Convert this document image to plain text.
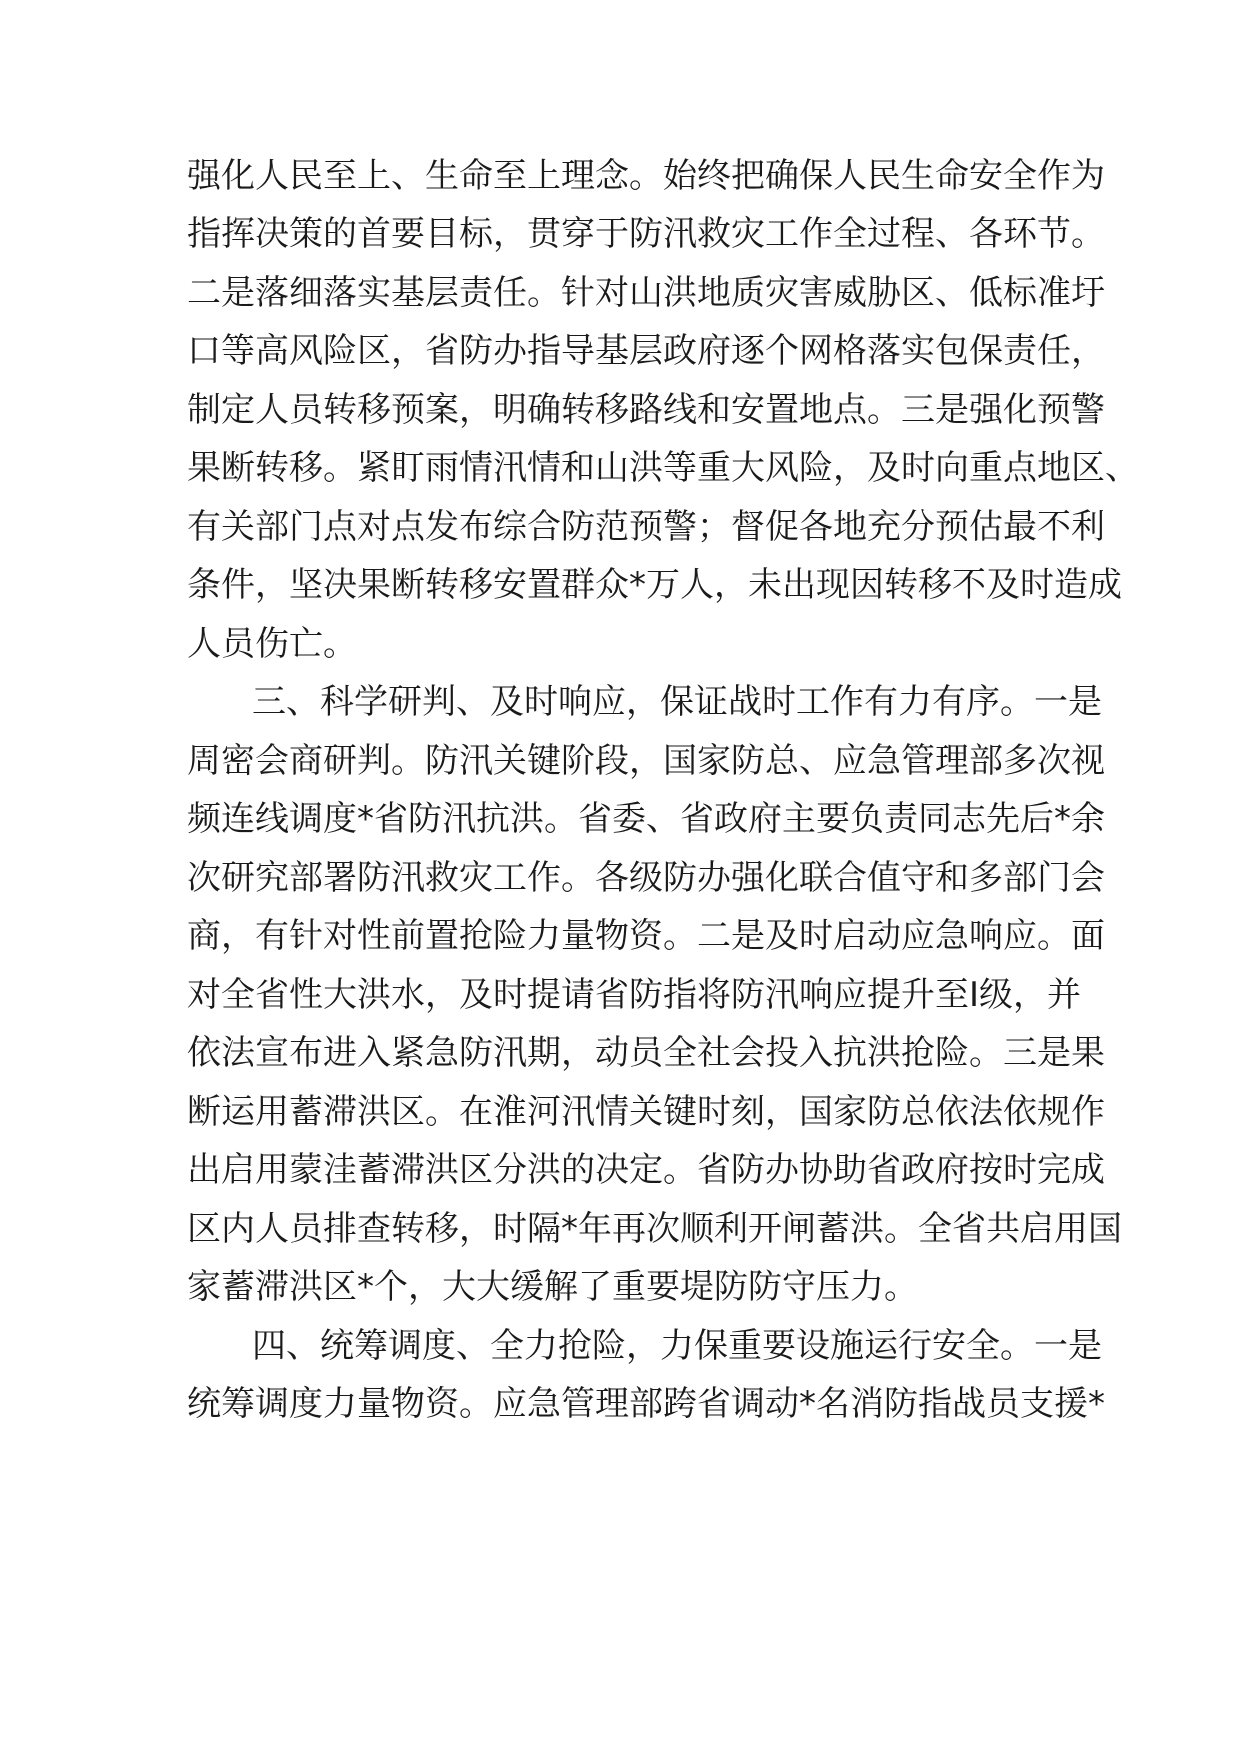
强化人民至上、生命至上理念。始终把确保人民生命安全作为

指挥决策的首要目标，贯穿于防汛救灾工作全过程、各环节。

二是落细落实基层责任。针对山洪地质灾害威胁区、低标准圩

口等高风险区，省防办指导基层政府逐个网格落实包保责任，

制定人员转移预案，明确转移路线和安置地点。三是强化预警

果断转移。紧盯雨情汛情和山洪等重大风险，及时向重点地区、

有关部门点对点发布综合防范预警；督促各地充分预估最不利

条件，坚决果断转移安置群众*万人，未出现因转移不及时造成

人员伤亡。

三、科学研判、及时响应，保证战时工作有力有序。一是

周密会商研判。防汛关键阶段，国家防总、应急管理部多次视

频连线调度*省防汛抗洪。省委、省政府主要负责同志先后*余

次研究部署防汛救灾工作。各级防办强化联合值守和多部门会

商，有针对性前置抢险力量物资。二是及时启动应急响应。面

对全省性大洪水，及时提请省防指将防汛响应提升至Ⅰ级，并

依法宣布进入紧急防汛期，动员全社会投入抗洪抢险。三是果

断运用蓄滞洪区。在淮河汛情关键时刻，国家防总依法依规作

出启用蒙洼蓄滞洪区分洪的决定。省防办协助省政府按时完成

区内人员排查转移，时隔*年再次顺利开闸蓄洪。全省共启用国

家蓄滞洪区*个，大大缓解了重要堤防防守压力。

四、统筹调度、全力抢险，力保重要设施运行安全。一是

统筹调度力量物资。应急管理部跨省调动*名消防指战员支援*
